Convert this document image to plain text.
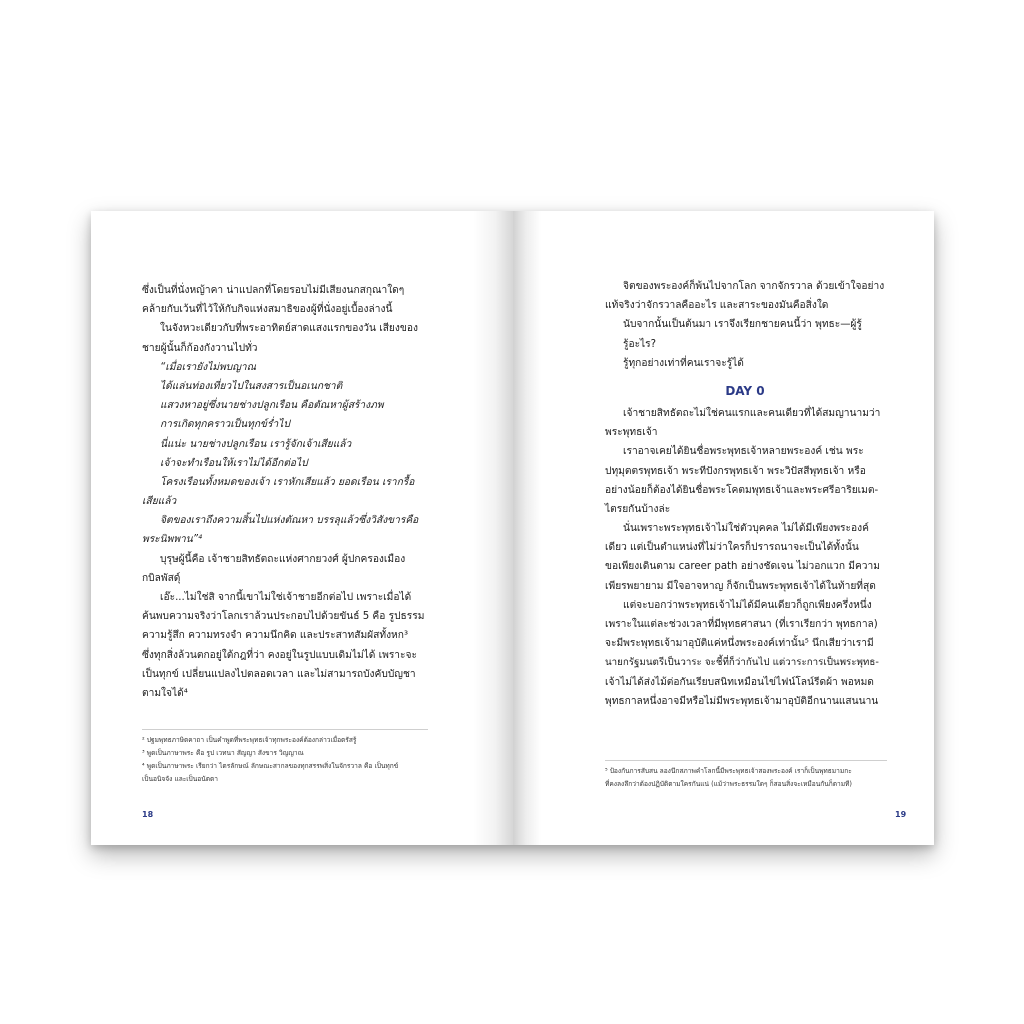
ซึ่งเป็นที่นั่งหญ้าคา น่าแปลกที่โดยรอบไม่มีเสียงนกสกุณาใดๆ
คล้ายกับเว้นที่ไว้ให้กับกิจแห่งสมาธิของผู้ที่นั่งอยู่เบื้องล่างนี้
ในจังหวะเดียวกับที่พระอาทิตย์สาดแสงแรกของวัน เสียงของ
ชายผู้นั้นก็ก้องกังวานไปทั่ว
“เมื่อเรายังไม่พบญาณ
ได้แล่นท่องเที่ยวไปในสงสารเป็นอเนกชาติ
แสวงหาอยู่ซึ่งนายช่างปลูกเรือน คือตัณหาผู้สร้างภพ
การเกิดทุกคราวเป็นทุกข์ร่ำไป
นี่แน่ะ นายช่างปลูกเรือน เรารู้จักเจ้าเสียแล้ว
เจ้าจะทำเรือนให้เราไม่ได้อีกต่อไป
โครงเรือนทั้งหมดของเจ้า เราหักเสียแล้ว ยอดเรือน เรากรื้อ
เสียแล้ว
จิตของเราถึงความสิ้นไปแห่งตัณหา บรรลุแล้วซึ่งวิสังขารคือ
พระนิพพาน”⁴
บุรุษผู้นี้คือ เจ้าชายสิทธัตถะแห่งศากยวงศ์ ผู้ปกครองเมือง
กบิลพัสดุ์
เอ๊ะ...ไม่ใช่สิ จากนี้เขาไม่ใช่เจ้าชายอีกต่อไป เพราะเมื่อได้
ค้นพบความจริงว่าโลกเราล้วนประกอบไปด้วยขันธ์ 5 คือ รูปธรรม
ความรู้สึก ความทรงจำ ความนึกคิด และประสาทสัมผัสทั้งหก³
ซึ่งทุกสิ่งล้วนตกอยู่ใต้กฎที่ว่า คงอยู่ในรูปแบบเดิมไม่ได้ เพราะจะ
เป็นทุกข์ เปลี่ยนแปลงไปตลอดเวลา และไม่สามารถบังคับบัญชา
ตามใจได้⁴
² ปฐมพุทธภาษิตคาถา เป็นคำพูดที่พระพุทธเจ้าทุกพระองค์ต้องกล่าวเมื่อตรัสรู้
³ พูดเป็นภาษาพระ คือ รูป เวทนา สัญญา สังขาร วิญญาณ
⁴ พูดเป็นภาษาพระ เรียกว่า ไตรลักษณ์ ลักษณะสากลของทุกสรรพสิ่งในจักรวาล คือ เป็นทุกข์
เป็นอนิจจัง และเป็นอนัตตา
18
จิตของพระองค์ก็พ้นไปจากโลก จากจักรวาล ด้วยเข้าใจอย่าง
แท้จริงว่าจักรวาลคืออะไร และสาระของมันคือสิ่งใด
นับจากนั้นเป็นต้นมา เราจึงเรียกชายคนนี้ว่า พุทธะ—ผู้รู้
รู้อะไร?
รู้ทุกอย่างเท่าที่คนเราจะรู้ได้
DAY 0
เจ้าชายสิทธัตถะไม่ใช่คนแรกและคนเดียวที่ได้สมญานามว่า
พระพุทธเจ้า
เราอาจเคยได้ยินชื่อพระพุทธเจ้าหลายพระองค์ เช่น พระ
ปทุมุตตรพุทธเจ้า พระทีปังกรพุทธเจ้า พระวิปัสสีพุทธเจ้า หรือ
อย่างน้อยก็ต้องได้ยินชื่อพระโคตมพุทธเจ้าและพระศรีอาริยเมต-
ไตรยกันบ้างล่ะ
นั่นเพราะพระพุทธเจ้าไม่ใช่ตัวบุคคล ไม่ได้มีเพียงพระองค์
เดียว แต่เป็นตำแหน่งที่ไม่ว่าใครก็ปรารถนาจะเป็นได้ทั้งนั้น
ขอเพียงเดินตาม career path อย่างชัดเจน ไม่วอกแวก มีความ
เพียรพยายาม มีใจอาจหาญ ก็จักเป็นพระพุทธเจ้าได้ในท้ายที่สุด
แต่จะบอกว่าพระพุทธเจ้าไม่ได้มีคนเดียวก็ถูกเพียงครึ่งหนึ่ง
เพราะในแต่ละช่วงเวลาที่มีพุทธศาสนา (ที่เราเรียกว่า พุทธกาล)
จะมีพระพุทธเจ้ามาอุบัติแค่หนึ่งพระองค์เท่านั้น⁵ นึกเสียว่าเรามี
นายกรัฐมนตรีเป็นวาระ จะชี้ที่ก็ว่ากันไป แต่วาระการเป็นพระพุทธ-
เจ้าไม่ได้ส่งไม้ต่อกันเรียบสนิทเหมือนไข่ไฟน์โลน์รีดผ้า พอหมด
พุทธกาลหนึ่งอาจมีหรือไม่มีพระพุทธเจ้ามาอุบัติอีกนานแสนนาน
⁵ ป้องกันการสับสน ลองนึกสภาพคำโลกนี้มีพระพุทธเจ้าสองพระองค์ เราก็เป็นพุทธมามกะ
ที่คงลงลึกว่าต้องปฏิบัติตามใครกันแน่ (แม้ว่าพระธรรมใดๆ ก็สอนสิ่งจะเหมือนกันก็ตามที)
19
